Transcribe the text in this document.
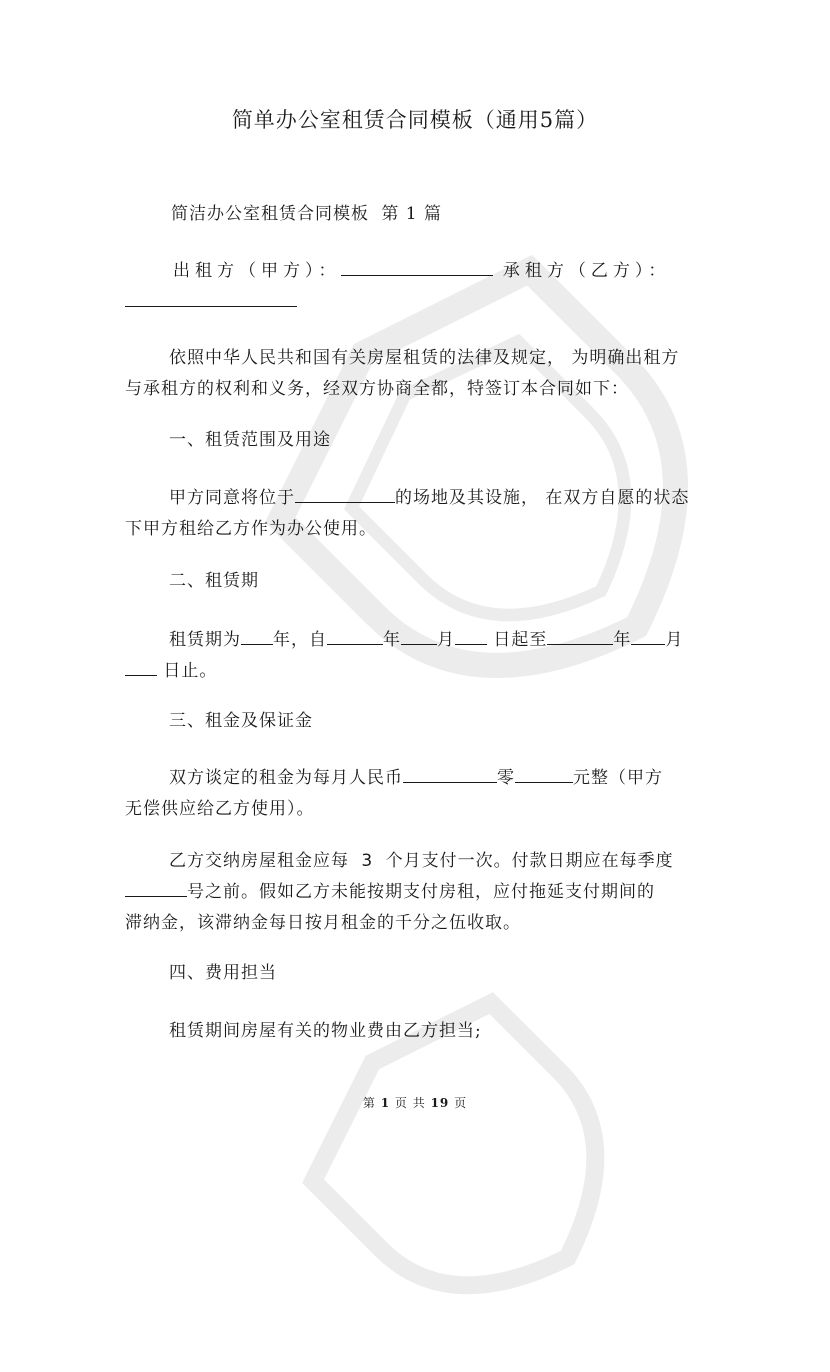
简单办公室租赁合同模板（通用5篇）
简洁办公室租赁合同模板 第 1 篇
出租方（甲方）：	承租方（乙方）：
依照中华人民共和国有关房屋租赁的法律及规定， 为明确出租方
与承租方的权利和义务，经双方协商全都，特签订本合同如下：
一、租赁范围及用途
甲方同意将位于	的场地及其设施， 在双方自愿的状态
下甲方租给乙方作为办公使用。
二、租赁期
租赁期为 年，自	年 月 日起至	年 月
日止。
三、租金及保证金
双方谈定的租金为每月人民币	零	元整（甲方
无偿供应给乙方使用）。
乙方交纳房屋租金应每 3 个月支付一次。付款日期应在每季度
号之前。假如乙方未能按期支付房租，应付拖延支付期间的
滞纳金，该滞纳金每日按月租金的千分之伍收取。
四、费用担当
租赁期间房屋有关的物业费由乙方担当;
第 1 页 共 19 页
